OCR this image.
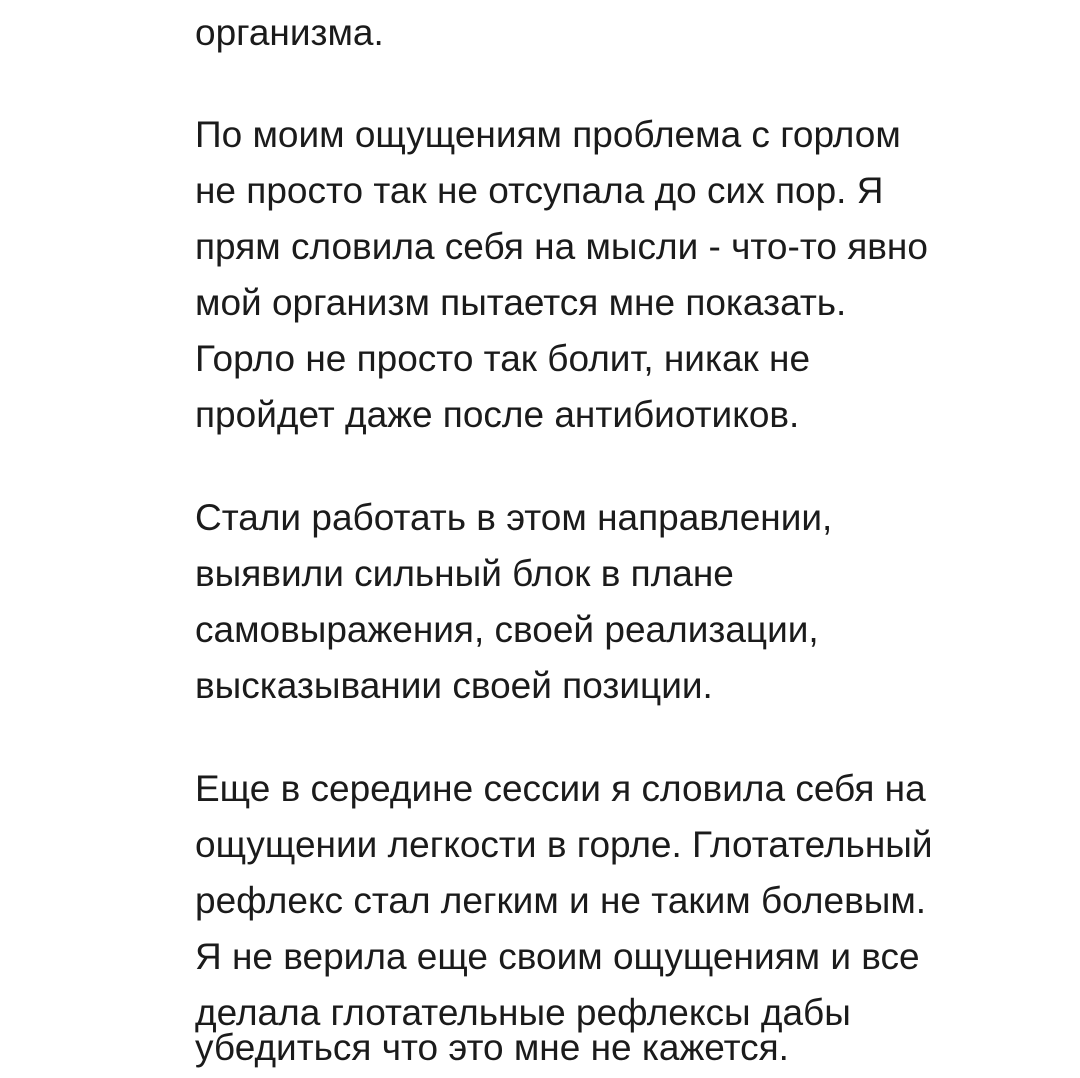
организма.

По моим ощущениям проблема с горлом

не просто так не отсупала до сих пор. Я

прям словила себя на мысли - что-то явно

мой организм пытается мне показать.

Горло не просто так болит, никак не

пройдет даже после антибиотиков.

Стали работать в этом направлении,

выявили сильный блок в плане

самовыражения, своей реализации,

высказывании своей позиции.

Еще в середине сессии я словила себя на

ощущении легкости в горле. Глотательный

рефлекс стал легким и не таким болевым.

Я не верила еще своим ощущениям и все

делала глотательные рефлексы дабы

убедиться что это мне не кажется.
